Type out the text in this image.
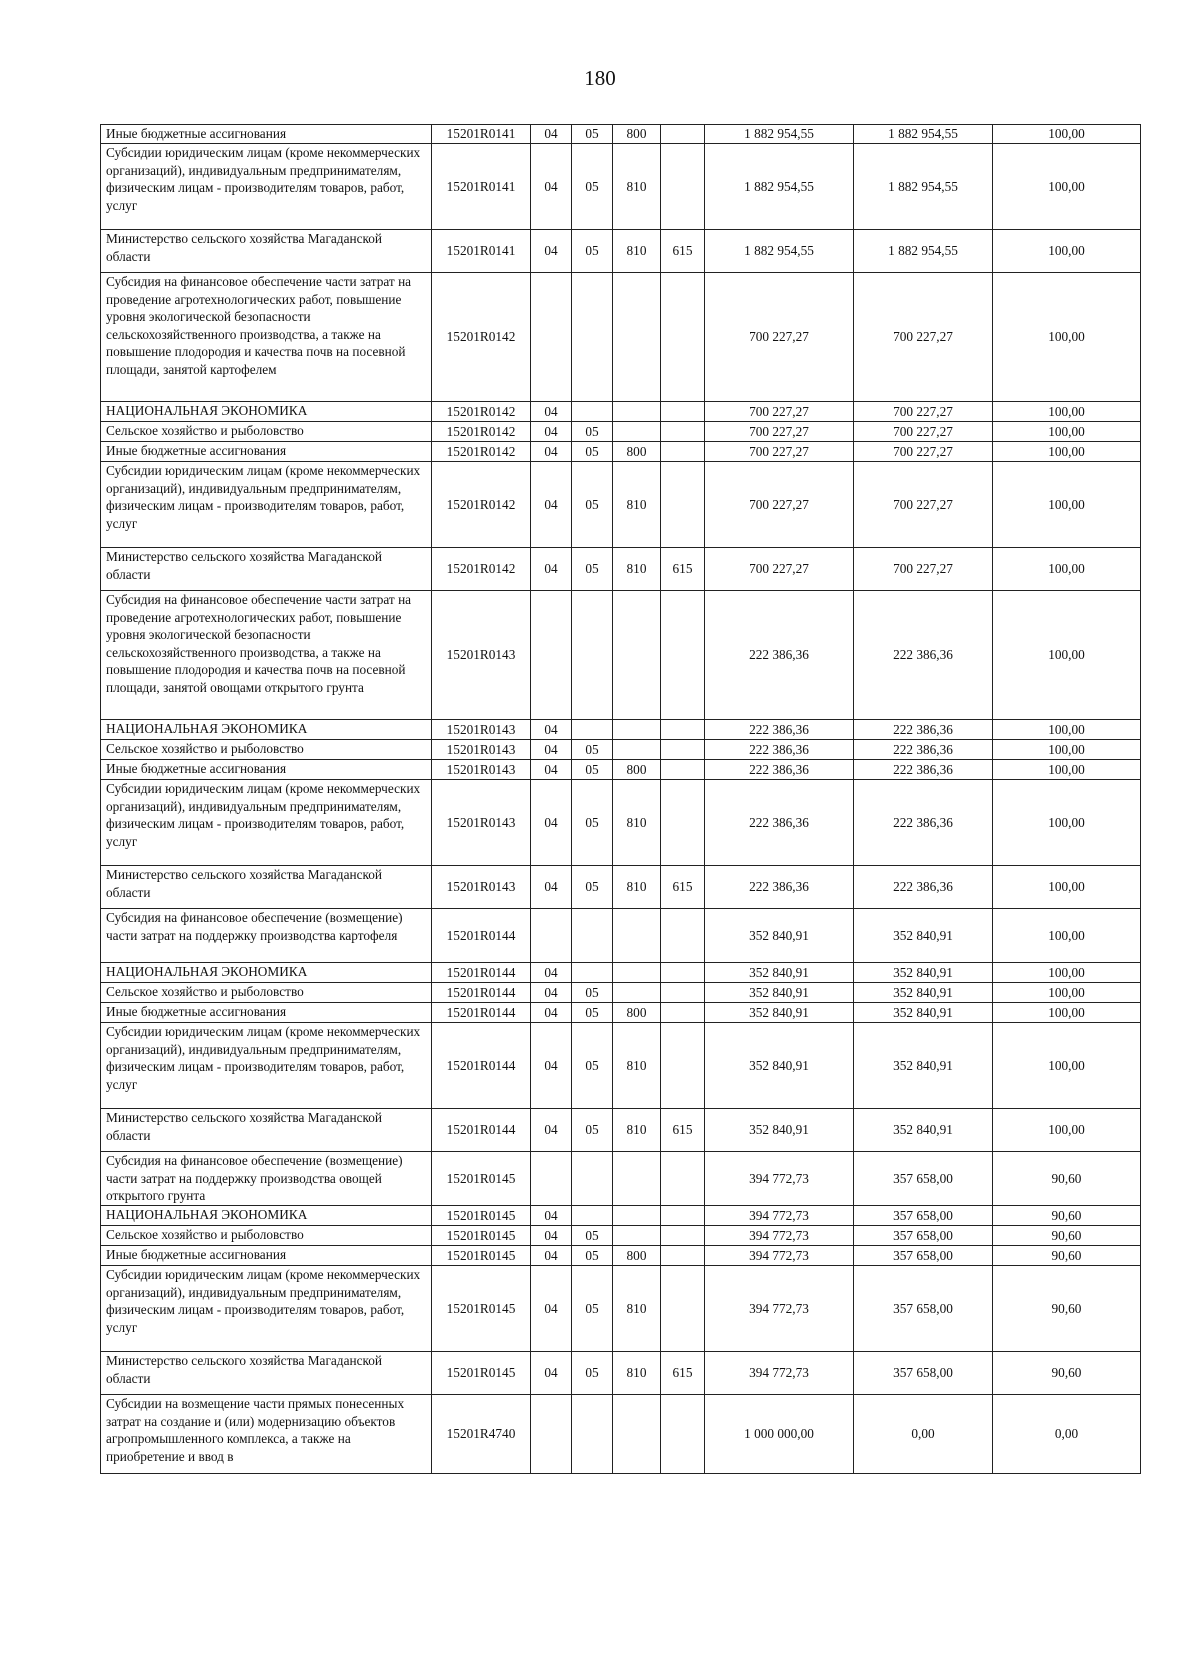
180
Иные бюджетные ассигнования	15201R0141	04	05	800		1 882 954,55	1 882 954,55	100,00
Субсидии юридическим лицам (кроме некоммерческих организаций), индивидуальным предпринимателям, физическим лицам - производителям товаров, работ, услуг	15201R0141	04	05	810		1 882 954,55	1 882 954,55	100,00
Министерство сельского хозяйства Магаданской области	15201R0141	04	05	810	615	1 882 954,55	1 882 954,55	100,00
Субсидия на финансовое обеспечение части затрат на проведение агротехнологических работ, повышение уровня экологической безопасности сельскохозяйственного производства, а также на повышение плодородия и качества почв на посевной площади, занятой картофелем	15201R0142					700 227,27	700 227,27	100,00
НАЦИОНАЛЬНАЯ ЭКОНОМИКА	15201R0142	04				700 227,27	700 227,27	100,00
Сельское хозяйство и рыболовство	15201R0142	04	05			700 227,27	700 227,27	100,00
Иные бюджетные ассигнования	15201R0142	04	05	800		700 227,27	700 227,27	100,00
Субсидии юридическим лицам (кроме некоммерческих организаций), индивидуальным предпринимателям, физическим лицам - производителям товаров, работ, услуг	15201R0142	04	05	810		700 227,27	700 227,27	100,00
Министерство сельского хозяйства Магаданской области	15201R0142	04	05	810	615	700 227,27	700 227,27	100,00
Субсидия на финансовое обеспечение части затрат на проведение агротехнологических работ, повышение уровня экологической безопасности сельскохозяйственного производства, а также на повышение плодородия и качества почв на посевной площади, занятой овощами открытого грунта	15201R0143					222 386,36	222 386,36	100,00
НАЦИОНАЛЬНАЯ ЭКОНОМИКА	15201R0143	04				222 386,36	222 386,36	100,00
Сельское хозяйство и рыболовство	15201R0143	04	05			222 386,36	222 386,36	100,00
Иные бюджетные ассигнования	15201R0143	04	05	800		222 386,36	222 386,36	100,00
Субсидии юридическим лицам (кроме некоммерческих организаций), индивидуальным предпринимателям, физическим лицам - производителям товаров, работ, услуг	15201R0143	04	05	810		222 386,36	222 386,36	100,00
Министерство сельского хозяйства Магаданской области	15201R0143	04	05	810	615	222 386,36	222 386,36	100,00
Субсидия на финансовое обеспечение (возмещение) части затрат на поддержку производства картофеля	15201R0144					352 840,91	352 840,91	100,00
НАЦИОНАЛЬНАЯ ЭКОНОМИКА	15201R0144	04				352 840,91	352 840,91	100,00
Сельское хозяйство и рыболовство	15201R0144	04	05			352 840,91	352 840,91	100,00
Иные бюджетные ассигнования	15201R0144	04	05	800		352 840,91	352 840,91	100,00
Субсидии юридическим лицам (кроме некоммерческих организаций), индивидуальным предпринимателям, физическим лицам - производителям товаров, работ, услуг	15201R0144	04	05	810		352 840,91	352 840,91	100,00
Министерство сельского хозяйства Магаданской области	15201R0144	04	05	810	615	352 840,91	352 840,91	100,00
Субсидия на финансовое обеспечение (возмещение) части затрат на поддержку производства овощей открытого грунта	15201R0145					394 772,73	357 658,00	90,60
НАЦИОНАЛЬНАЯ ЭКОНОМИКА	15201R0145	04				394 772,73	357 658,00	90,60
Сельское хозяйство и рыболовство	15201R0145	04	05			394 772,73	357 658,00	90,60
Иные бюджетные ассигнования	15201R0145	04	05	800		394 772,73	357 658,00	90,60
Субсидии юридическим лицам (кроме некоммерческих организаций), индивидуальным предпринимателям, физическим лицам - производителям товаров, работ, услуг	15201R0145	04	05	810		394 772,73	357 658,00	90,60
Министерство сельского хозяйства Магаданской области	15201R0145	04	05	810	615	394 772,73	357 658,00	90,60
Субсидии на возмещение части прямых понесенных затрат на создание и (или) модернизацию объектов агропромышленного комплекса, а также на приобретение и ввод в	15201R4740					1 000 000,00	0,00	0,00
